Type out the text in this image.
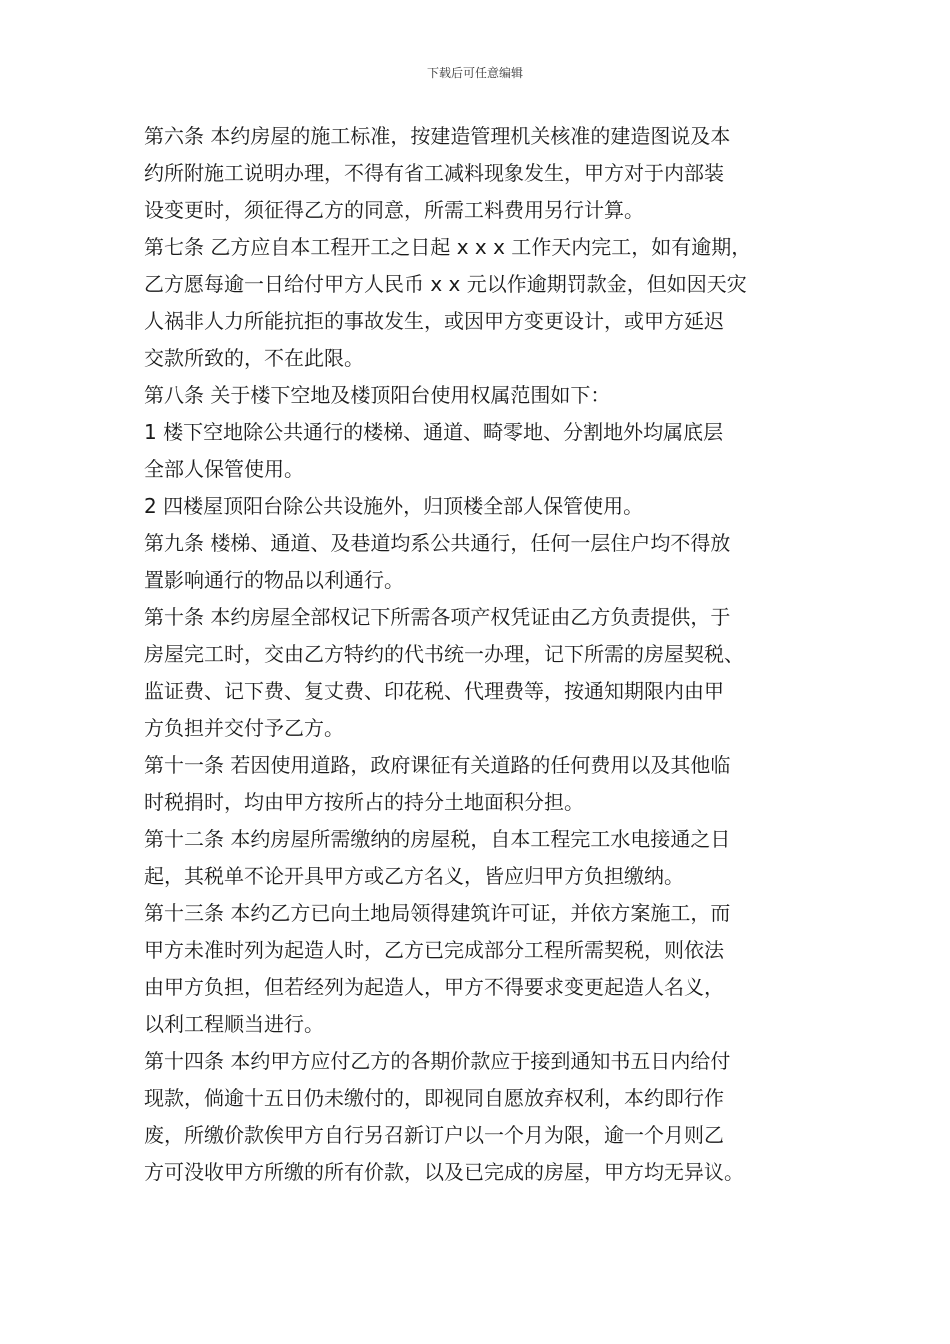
下载后可任意编辑
第六条 本约房屋的施工标准，按建造管理机关核准的建造图说及本
约所附施工说明办理，不得有省工减料现象发生，甲方对于内部装
设变更时，须征得乙方的同意，所需工料费用另行计算。
第七条 乙方应自本工程开工之日起 x x x 工作天内完工，如有逾期，
乙方愿每逾一日给付甲方人民币 x x 元以作逾期罚款金，但如因天灾
人祸非人力所能抗拒的事故发生，或因甲方变更设计，或甲方延迟
交款所致的，不在此限。
第八条 关于楼下空地及楼顶阳台使用权属范围如下：
1 楼下空地除公共通行的楼梯、通道、畸零地、分割地外均属底层
全部人保管使用。
2 四楼屋顶阳台除公共设施外，归顶楼全部人保管使用。
第九条 楼梯、通道、及巷道均系公共通行，任何一层住户均不得放
置影响通行的物品以利通行。
第十条 本约房屋全部权记下所需各项产权凭证由乙方负责提供，于
房屋完工时，交由乙方特约的代书统一办理，记下所需的房屋契税、
监证费、记下费、复丈费、印花税、代理费等，按通知期限内由甲
方负担并交付予乙方。
第十一条 若因使用道路，政府课征有关道路的任何费用以及其他临
时税捐时，均由甲方按所占的持分土地面积分担。
第十二条 本约房屋所需缴纳的房屋税，自本工程完工水电接通之日
起，其税单不论开具甲方或乙方名义，皆应归甲方负担缴纳。
第十三条 本约乙方已向土地局领得建筑许可证，并依方案施工，而
甲方未准时列为起造人时，乙方已完成部分工程所需契税，则依法
由甲方负担，但若经列为起造人，甲方不得要求变更起造人名义，
以利工程顺当进行。
第十四条 本约甲方应付乙方的各期价款应于接到通知书五日内给付
现款，倘逾十五日仍未缴付的，即视同自愿放弃权利，本约即行作
废，所缴价款俟甲方自行另召新订户以一个月为限，逾一个月则乙
方可没收甲方所缴的所有价款，以及已完成的房屋，甲方均无异议。
